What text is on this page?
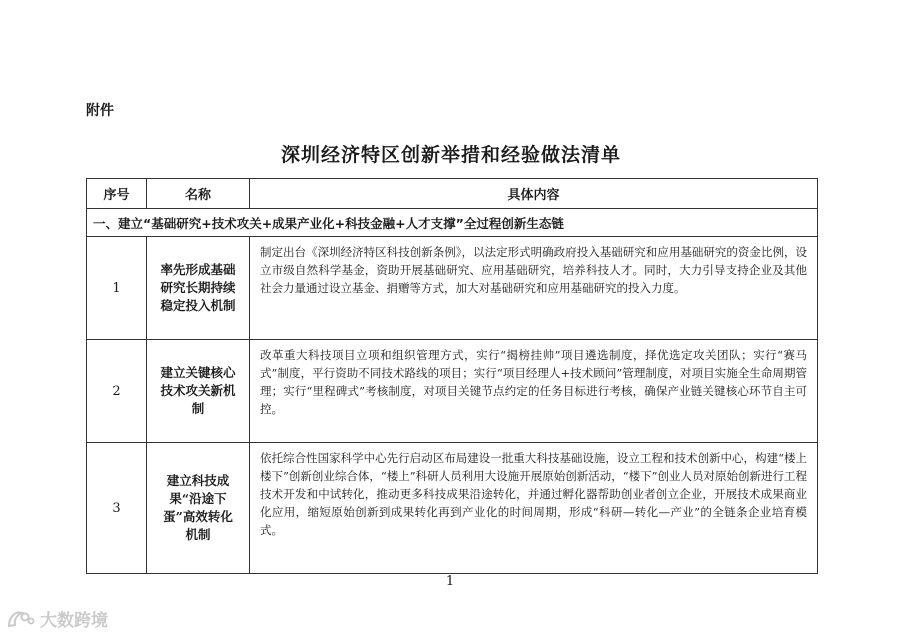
附件
深圳经济特区创新举措和经验做法清单
序号	名称	具体内容
一、建立“基础研究+技术攻关+成果产业化+科技金融+人才支撑”全过程创新生态链		
1	率先形成基础研究长期持续稳定投入机制	制定出台《深圳经济特区科技创新条例》，以法定形式明确政府投入基础研究和应用基础研究的资金比例，设立市级自然科学基金，资助开展基础研究、应用基础研究，培养科技人才。同时，大力引导支持企业及其他社会力量通过设立基金、捐赠等方式，加大对基础研究和应用基础研究的投入力度。
2	建立关键核心技术攻关新机制	改革重大科技项目立项和组织管理方式，实行“揭榜挂帅”项目遴选制度，择优选定攻关团队；实行“赛马式”制度，平行资助不同技术路线的项目；实行“项目经理人+技术顾问”管理制度，对项目实施全生命周期管理；实行“里程碑式”考核制度，对项目关键节点约定的任务目标进行考核，确保产业链关键核心环节自主可控。
3	建立科技成果“沿途下蛋”高效转化机制	依托综合性国家科学中心先行启动区布局建设一批重大科技基础设施，设立工程和技术创新中心，构建“楼上楼下”创新创业综合体，“楼上”科研人员利用大设施开展原始创新活动，“楼下”创业人员对原始创新进行工程技术开发和中试转化，推动更多科技成果沿途转化，并通过孵化器帮助创业者创立企业，开展技术成果商业化应用，缩短原始创新到成果转化再到产业化的时间周期，形成“科研—转化—产业”的全链条企业培育模式。
1
大数跨境
